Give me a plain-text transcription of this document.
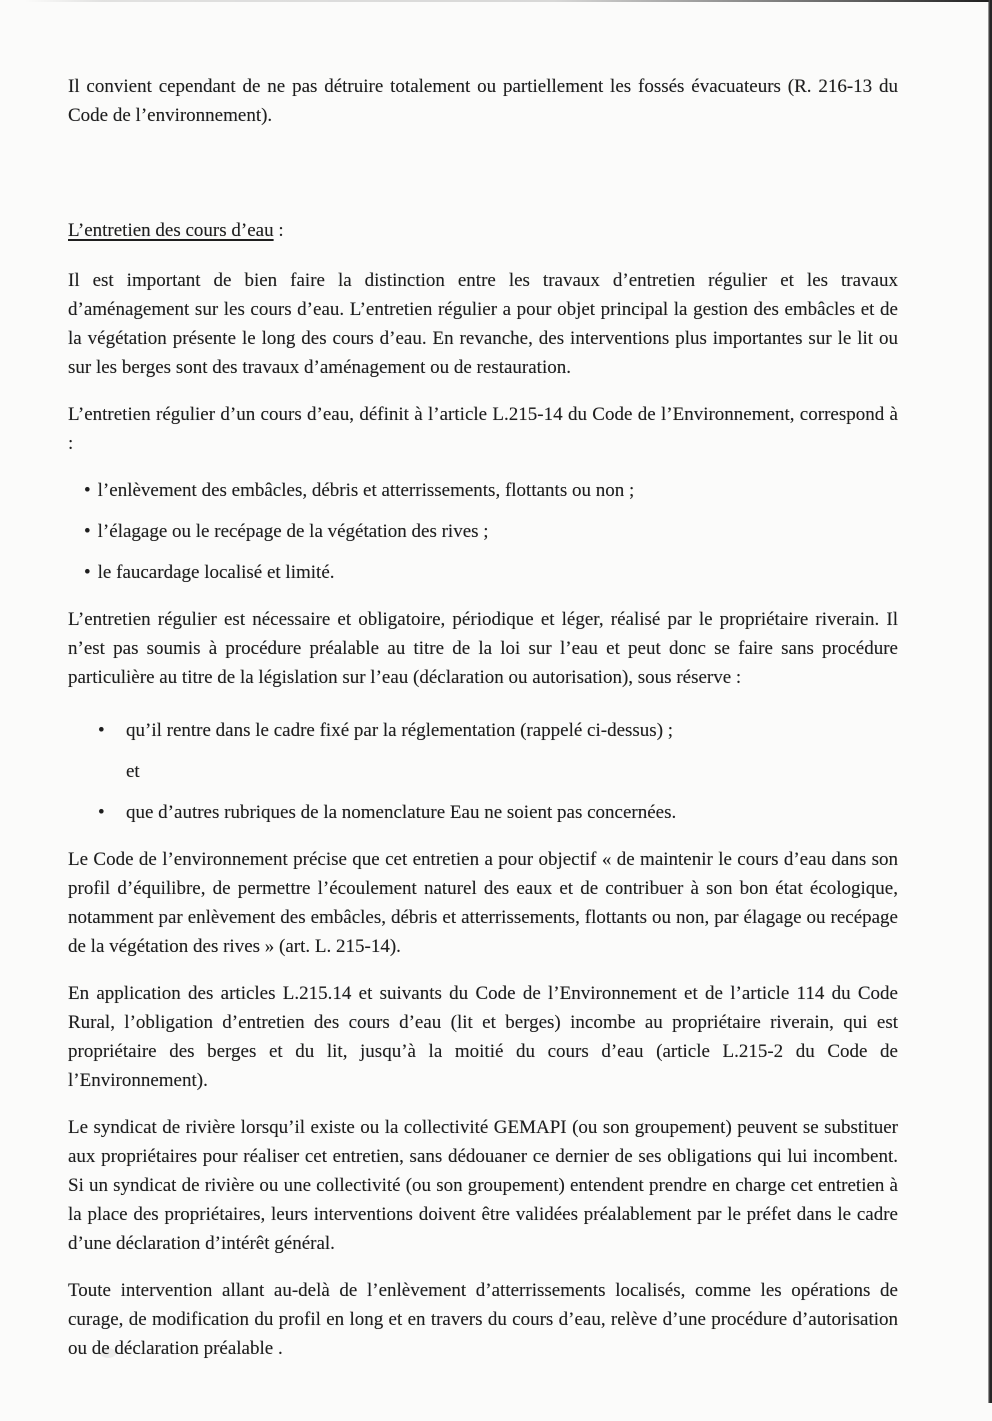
Il convient cependant de ne pas détruire totalement ou partiellement les fossés évacuateurs (R. 216-13 du Code de l’environnement).

L’entretien des cours d’eau :

Il est important de bien faire la distinction entre les travaux d’entretien régulier et les travaux d’aménagement sur les cours d’eau. L’entretien régulier a pour objet principal la gestion des embâcles et de la végétation présente le long des cours d’eau. En revanche, des interventions plus importantes sur le lit ou sur les berges sont des travaux d’aménagement ou de restauration.

L’entretien régulier d’un cours d’eau, définit à l’article L.215-14 du Code de l’Environnement, correspond à :

• l’enlèvement des embâcles, débris et atterrissements, flottants ou non ;
• l’élagage ou le recépage de la végétation des rives ;
• le faucardage localisé et limité.

L’entretien régulier est nécessaire et obligatoire, périodique et léger, réalisé par le propriétaire riverain. Il n’est pas soumis à procédure préalable au titre de la loi sur l’eau et peut donc se faire sans procédure particulière au titre de la législation sur l’eau (déclaration ou autorisation), sous réserve :

•	qu’il rentre dans le cadre fixé par la réglementation (rappelé ci-dessus) ;
et
•	que d’autres rubriques de la nomenclature Eau ne soient pas concernées.

Le Code de l’environnement précise que cet entretien a pour objectif « de maintenir le cours d’eau dans son profil d’équilibre, de permettre l’écoulement naturel des eaux et de contribuer à son bon état écologique, notamment par enlèvement des embâcles, débris et atterrissements, flottants ou non, par élagage ou recépage de la végétation des rives » (art. L. 215-14).

En application des articles L.215.14 et suivants du Code de l’Environnement et de l’article 114 du Code Rural, l’obligation d’entretien des cours d’eau (lit et berges) incombe au propriétaire riverain, qui est propriétaire des berges et du lit, jusqu’à la moitié du cours d’eau (article L.215-2 du Code de l’Environnement).

Le syndicat de rivière lorsqu’il existe ou la collectivité GEMAPI (ou son groupement) peuvent se substituer aux propriétaires pour réaliser cet entretien, sans dédouaner ce dernier de ses obligations qui lui incombent. Si un syndicat de rivière ou une collectivité (ou son groupement) entendent prendre en charge cet entretien à la place des propriétaires, leurs interventions doivent être validées préalablement par le préfet dans le cadre d’une déclaration d’intérêt général.

Toute intervention allant au-delà de l’enlèvement d’atterrissements localisés, comme les opérations de curage, de modification du profil en long et en travers du cours d’eau, relève d’une procédure d’autorisation ou de déclaration préalable .
